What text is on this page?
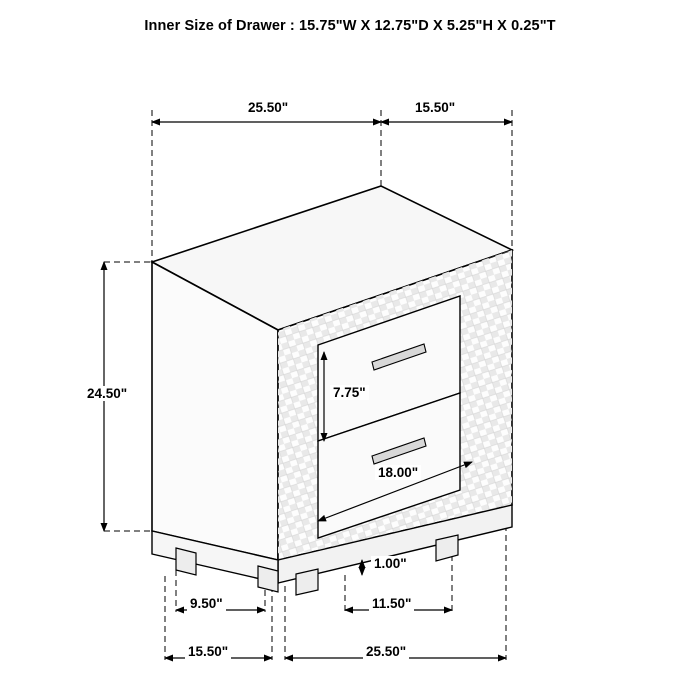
Inner Size of Drawer : 15.75"W X 12.75"D X 5.25"H X 0.25"T
25.50"	15.50"
24.50"	7.75"
18.00"
1.00"
9.50"	11.50"
15.50"	25.50"
